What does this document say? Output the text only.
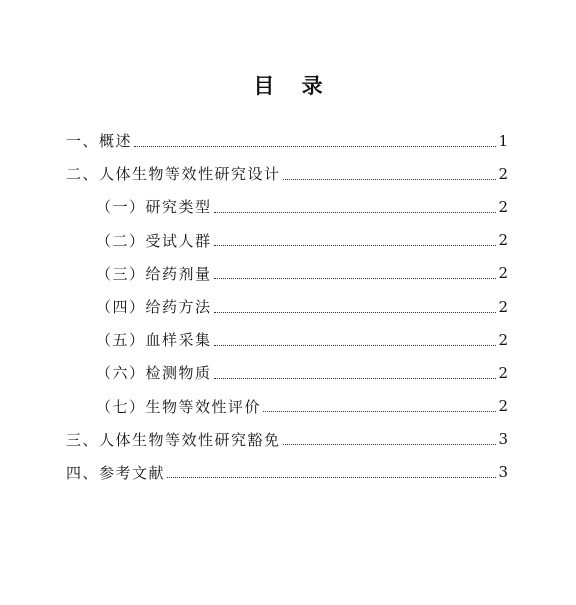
目 录
一、概述	1
二、人体生物等效性研究设计	2
（一）研究类型	2
（二）受试人群	2
（三）给药剂量	2
（四）给药方法	2
（五）血样采集	2
（六）检测物质	2
（七）生物等效性评价	2
三、人体生物等效性研究豁免	3
四、参考文献	3
